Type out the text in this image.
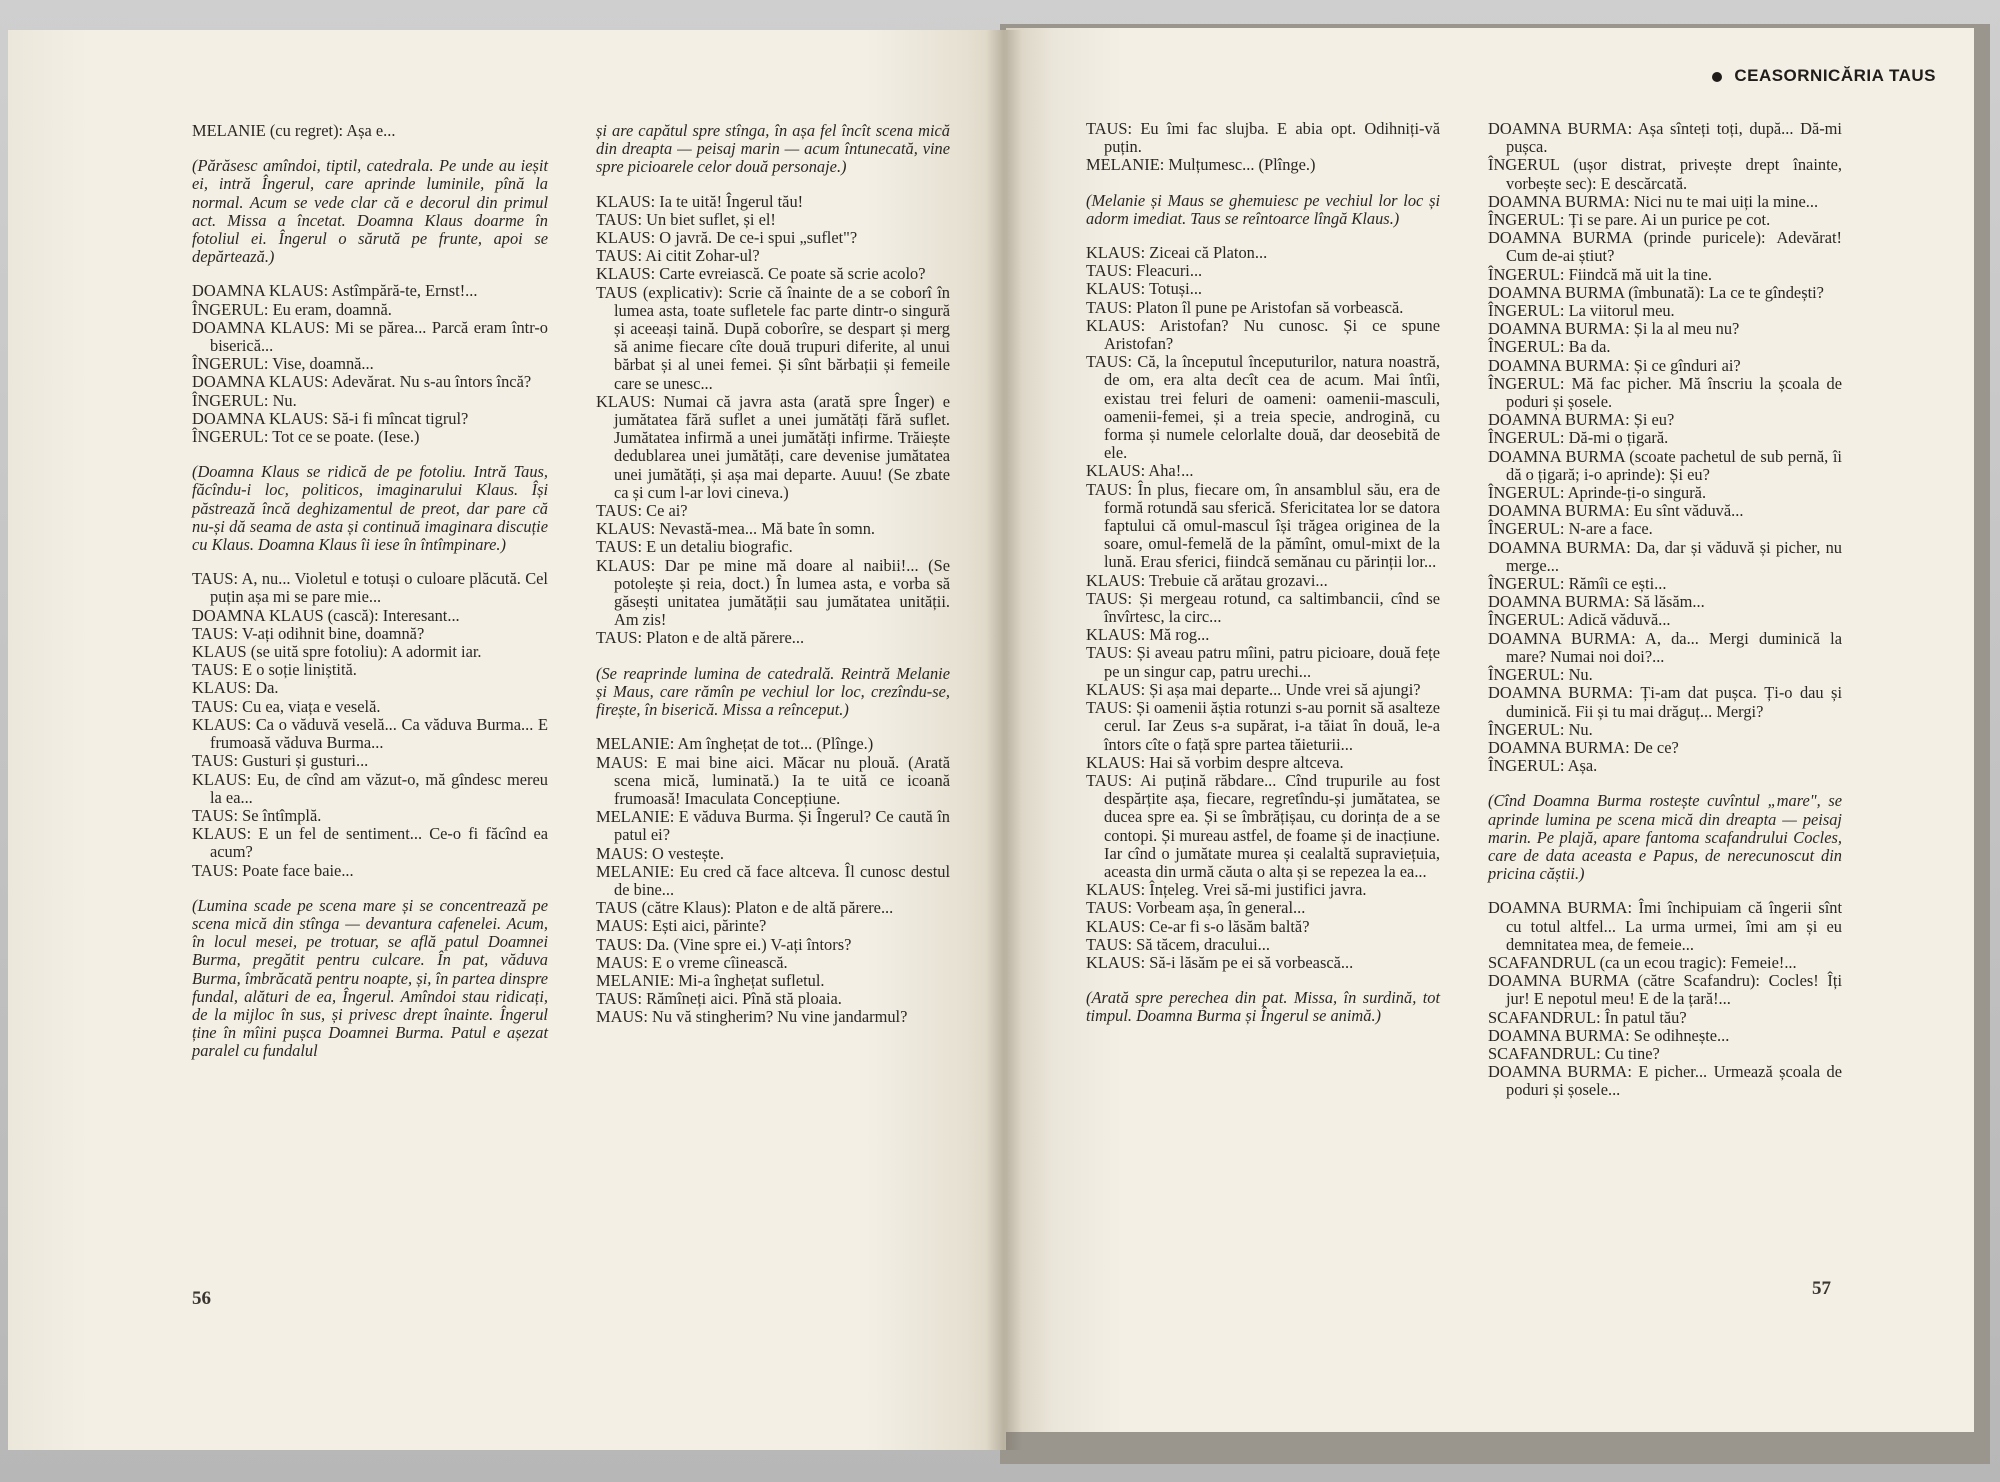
MELANIE (cu regret): Așa e...

(Părăsesc amîndoi, tiptil, catedrala. Pe unde au ieșit ei, intră Îngerul, care aprinde luminile, pînă la normal. Acum se vede clar că e decorul din primul act. Missa a încetat. Doamna Klaus doarme în fotoliul ei. Îngerul o sărută pe frunte, apoi se depărtează.)

DOAMNA KLAUS: Astîmpără-te, Ernst!...

ÎNGERUL: Eu eram, doamnă.

DOAMNA KLAUS: Mi se părea... Parcă eram într-o biserică...

ÎNGERUL: Vise, doamnă...

DOAMNA KLAUS: Adevărat. Nu s-au întors încă?

ÎNGERUL: Nu.

DOAMNA KLAUS: Să-i fi mîncat tigrul?

ÎNGERUL: Tot ce se poate. (Iese.)

(Doamna Klaus se ridică de pe fotoliu. Intră Taus, făcîndu-i loc, politicos, imaginarului Klaus. Își păstrează încă deghizamentul de preot, dar pare că nu-și dă seama de asta și continuă imaginara discuție cu Klaus. Doamna Klaus îi iese în întîmpinare.)

TAUS: A, nu... Violetul e totuși o culoare plăcută. Cel puțin așa mi se pare mie...

DOAMNA KLAUS (cască): Interesant...

TAUS: V-ați odihnit bine, doamnă?

KLAUS (se uită spre fotoliu): A adormit iar.

TAUS: E o soție liniștită.

KLAUS: Da.

TAUS: Cu ea, viața e veselă.

KLAUS: Ca o văduvă veselă... Ca văduva Burma... E frumoasă văduva Burma...

TAUS: Gusturi și gusturi...

KLAUS: Eu, de cînd am văzut-o, mă gîndesc mereu la ea...

TAUS: Se întîmplă.

KLAUS: E un fel de sentiment... Ce-o fi făcînd ea acum?

TAUS: Poate face baie...

(Lumina scade pe scena mare și se concentrează pe scena mică din stînga — devantura cafenelei. Acum, în locul mesei, pe trotuar, se află patul Doamnei Burma, pregătit pentru culcare. În pat, văduva Burma, îmbrăcată pentru noapte, și, în partea dinspre fundal, alături de ea, Îngerul. Amîndoi stau ridicați, de la mijloc în sus, și privesc drept înainte. Îngerul ține în mîini pușca Doamnei Burma. Patul e așezat paralel cu fundalul

și are capătul spre stînga, în așa fel încît scena mică din dreapta — peisaj marin — acum întunecată, vine spre picioarele celor două personaje.)

KLAUS: Ia te uită! Îngerul tău!

TAUS: Un biet suflet, și el!

KLAUS: O javră. De ce-i spui „suflet"?

TAUS: Ai citit Zohar-ul?

KLAUS: Carte evreiască. Ce poate să scrie acolo?

TAUS (explicativ): Scrie că înainte de a se coborî în lumea asta, toate sufletele fac parte dintr-o singură și aceeași taină. După coborîre, se despart și merg să anime fiecare cîte două trupuri diferite, al unui bărbat și al unei femei. Și sînt bărbații și femeile care se unesc...

KLAUS: Numai că javra asta (arată spre Înger) e jumătatea fără suflet a unei jumătăți fără suflet. Jumătatea infirmă a unei jumătăți infirme. Trăiește dedublarea unei jumătăți, care devenise jumătatea unei jumătăți, și așa mai departe. Auuu! (Se zbate ca și cum l-ar lovi cineva.)

TAUS: Ce ai?

KLAUS: Nevastă-mea... Mă bate în somn.

TAUS: E un detaliu biografic.

KLAUS: Dar pe mine mă doare al naibii!... (Se potolește și reia, doct.) În lumea asta, e vorba să găsești unitatea jumătății sau jumătatea unității. Am zis!

TAUS: Platon e de altă părere...

(Se reaprinde lumina de catedrală. Reintră Melanie și Maus, care rămîn pe vechiul lor loc, crezîndu-se, firește, în biserică. Missa a reînceput.)

MELANIE: Am înghețat de tot... (Plînge.)

MAUS: E mai bine aici. Măcar nu plouă. (Arată scena mică, luminată.) Ia te uită ce icoană frumoasă! Imaculata Concepțiune.

MELANIE: E văduva Burma. Și Îngerul? Ce caută în patul ei?

MAUS: O vestește.

MELANIE: Eu cred că face altceva. Îl cunosc destul de bine...

TAUS (către Klaus): Platon e de altă părere...

MAUS: Ești aici, părinte?

TAUS: Da. (Vine spre ei.) V-ați întors?

MAUS: E o vreme cîinească.

MELANIE: Mi-a înghețat sufletul.

TAUS: Rămîneți aici. Pînă stă ploaia.

MAUS: Nu vă stingherim? Nu vine jandarmul?

56
CEASORNICĂRIA TAUS

TAUS: Eu îmi fac slujba. E abia opt. Odihniți-vă puțin.

MELANIE: Mulțumesc... (Plînge.)

(Melanie și Maus se ghemuiesc pe vechiul lor loc și adorm imediat. Taus se reîntoarce lîngă Klaus.)

KLAUS: Ziceai că Platon...

TAUS: Fleacuri...

KLAUS: Totuși...

TAUS: Platon îl pune pe Aristofan să vorbească.

KLAUS: Aristofan? Nu cunosc. Și ce spune Aristofan?

TAUS: Că, la începutul începuturilor, natura noastră, de om, era alta decît cea de acum. Mai întîi, existau trei feluri de oameni: oamenii-masculi, oamenii-femei, și a treia specie, androgină, cu forma și numele celorlalte două, dar deosebită de ele.

KLAUS: Aha!...

TAUS: În plus, fiecare om, în ansamblul său, era de formă rotundă sau sferică. Sfericitatea lor se datora faptului că omul-mascul își trăgea originea de la soare, omul-femelă de la pămînt, omul-mixt de la lună. Erau sferici, fiindcă semănau cu părinții lor...

KLAUS: Trebuie că arătau grozavi...

TAUS: Și mergeau rotund, ca saltimbancii, cînd se învîrtesc, la circ...

KLAUS: Mă rog...

TAUS: Și aveau patru mîini, patru picioare, două fețe pe un singur cap, patru urechi...

KLAUS: Și așa mai departe... Unde vrei să ajungi?

TAUS: Și oamenii ăștia rotunzi s-au pornit să asalteze cerul. Iar Zeus s-a supărat, i-a tăiat în două, le-a întors cîte o față spre partea tăieturii...

KLAUS: Hai să vorbim despre altceva.

TAUS: Ai puțină răbdare... Cînd trupurile au fost despărțite așa, fiecare, regretîndu-și jumătatea, se ducea spre ea. Și se îmbrățișau, cu dorința de a se contopi. Și mureau astfel, de foame și de inacțiune. Iar cînd o jumătate murea și cealaltă supraviețuia, aceasta din urmă căuta o alta și se repezea la ea...

KLAUS: Înțeleg. Vrei să-mi justifici javra.

TAUS: Vorbeam așa, în general...

KLAUS: Ce-ar fi s-o lăsăm baltă?

TAUS: Să tăcem, dracului...

KLAUS: Să-i lăsăm pe ei să vorbească...

(Arată spre perechea din pat. Missa, în surdină, tot timpul. Doamna Burma și Îngerul se animă.)

DOAMNA BURMA: Așa sînteți toți, după... Dă-mi pușca.

ÎNGERUL (ușor distrat, privește drept înainte, vorbește sec): E descărcată.

DOAMNA BURMA: Nici nu te mai uiți la mine...

ÎNGERUL: Ți se pare. Ai un purice pe cot.

DOAMNA BURMA (prinde puricele): Adevărat! Cum de-ai știut?

ÎNGERUL: Fiindcă mă uit la tine.

DOAMNA BURMA (îmbunată): La ce te gîndești?

ÎNGERUL: La viitorul meu.

DOAMNA BURMA: Și la al meu nu?

ÎNGERUL: Ba da.

DOAMNA BURMA: Și ce gînduri ai?

ÎNGERUL: Mă fac picher. Mă înscriu la școala de poduri și șosele.

DOAMNA BURMA: Și eu?

ÎNGERUL: Dă-mi o țigară.

DOAMNA BURMA (scoate pachetul de sub pernă, îi dă o țigară; i-o aprinde): Și eu?

ÎNGERUL: Aprinde-ți-o singură.

DOAMNA BURMA: Eu sînt văduvă...

ÎNGERUL: N-are a face.

DOAMNA BURMA: Da, dar și văduvă și picher, nu merge...

ÎNGERUL: Rămîi ce ești...

DOAMNA BURMA: Să lăsăm...

ÎNGERUL: Adică văduvă...

DOAMNA BURMA: A, da... Mergi duminică la mare? Numai noi doi?...

ÎNGERUL: Nu.

DOAMNA BURMA: Ți-am dat pușca. Ți-o dau și duminică. Fii și tu mai drăguț... Mergi?

ÎNGERUL: Nu.

DOAMNA BURMA: De ce?

ÎNGERUL: Așa.

(Cînd Doamna Burma rostește cuvîntul „mare", se aprinde lumina pe scena mică din dreapta — peisaj marin. Pe plajă, apare fantoma scafandrului Cocles, care de data aceasta e Papus, de nerecunoscut din pricina căștii.)

DOAMNA BURMA: Îmi închipuiam că îngerii sînt cu totul altfel... La urma urmei, îmi am și eu demnitatea mea, de femeie...

SCAFANDRUL (ca un ecou tragic): Femeie!...

DOAMNA BURMA (către Scafandru): Cocles! Îți jur! E nepotul meu! E de la țară!...

SCAFANDRUL: În patul tău?

DOAMNA BURMA: Se odihnește...

SCAFANDRUL: Cu tine?

DOAMNA BURMA: E picher... Urmează școala de poduri și șosele...

57
